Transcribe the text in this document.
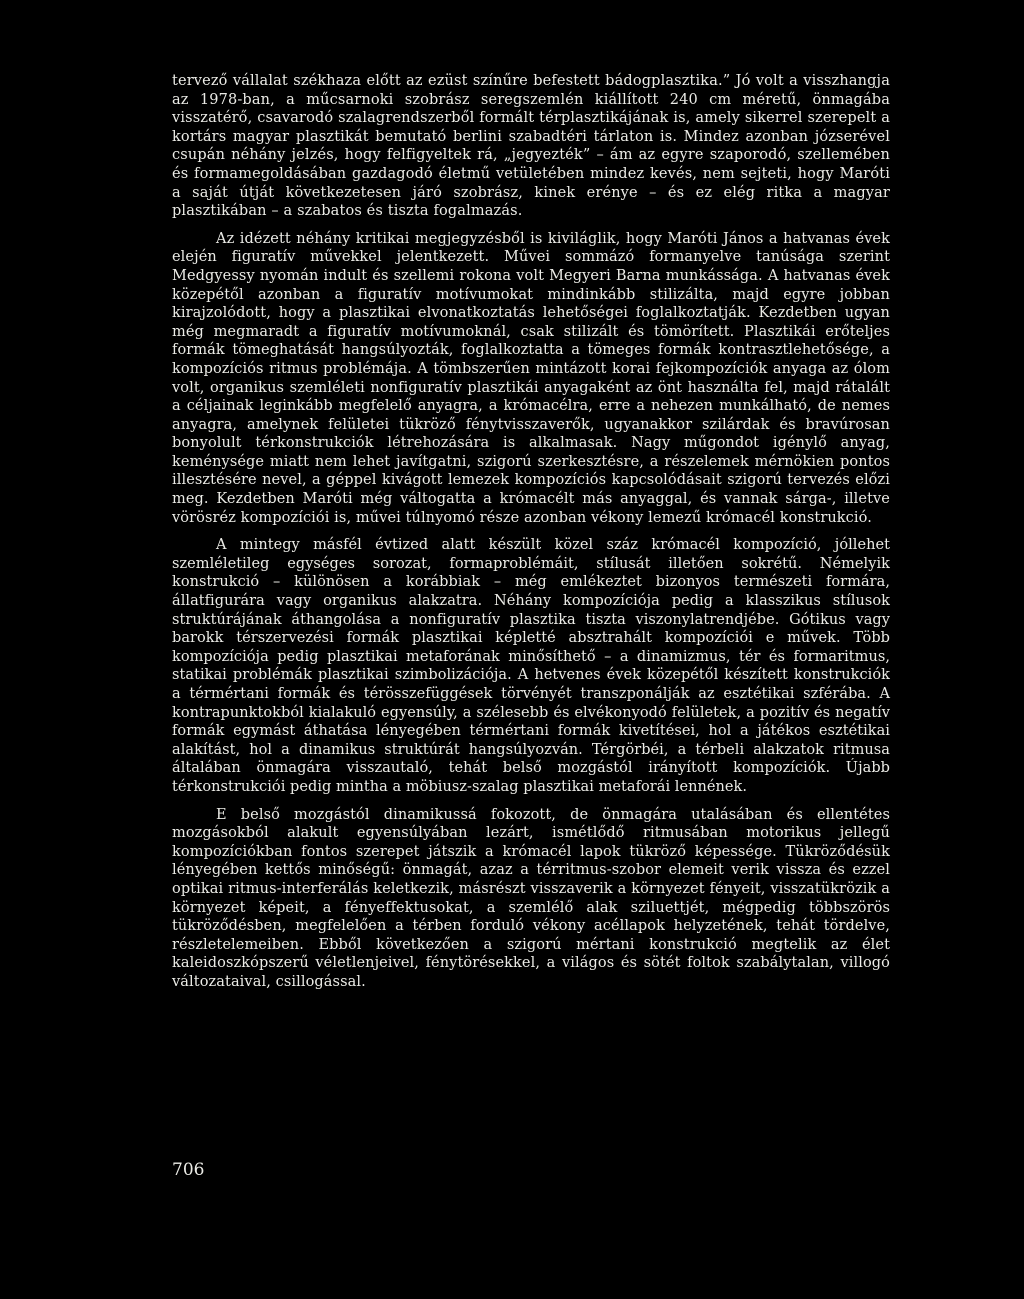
tervező vállalat székhaza előtt az ezüst színűre befestett bádogplasztika.” Jó volt a visszhangja az 1978-ban, a műcsarnoki szobrász seregszemlén kiállított 240 cm méretű, önmagába visszatérő, csavarodó szalagrendszerből formált térplasztikájának is, amely sikerrel szerepelt a kortárs magyar plasztikát bemutató berlini szabadtéri tárlaton is. Mindez azonban józserével csupán néhány jelzés, hogy felfigyeltek rá, „jegyezték” – ám az egyre szaporodó, szellemében és formamegoldásában gazdagodó életmű vetületében mindez kevés, nem sejteti, hogy Maróti a saját útját következetesen járó szobrász, kinek erénye – és ez elég ritka a magyar plasztikában – a szabatos és tiszta fogalmazás.

Az idézett néhány kritikai megjegyzésből is kiviláglik, hogy Maróti János a hatvanas évek elején figuratív művekkel jelentkezett. Művei sommázó formanyelve tanúsága szerint Medgyessy nyomán indult és szellemi rokona volt Megyeri Barna munkássága. A hatvanas évek közepétől azonban a figuratív motívumokat mindinkább stilizálta, majd egyre jobban kirajzolódott, hogy a plasztikai elvonatkoztatás lehetőségei foglalkoztatják. Kezdetben ugyan még megmaradt a figuratív motívumoknál, csak stilizált és tömörített. Plasztikái erőteljes formák tömeghatását hangsúlyozták, foglalkoztatta a tömeges formák kontrasztlehetősége, a kompozíciós ritmus problémája. A tömbszerűen mintázott korai fejkompozíciók anyaga az ólom volt, organikus szemléleti nonfiguratív plasztikái anyagaként az önt használta fel, majd rátalált a céljainak leginkább megfelelő anyagra, a krómacélra, erre a nehezen munkálható, de nemes anyagra, amelynek felületei tükröző fénytvisszaverők, ugyanakkor szilárdak és bravúrosan bonyolult térkonstrukciók létrehozására is alkalmasak. Nagy műgondot igénylő anyag, keménysége miatt nem lehet javítgatni, szigorú szerkesztésre, a részelemek mérnökien pontos illesztésére nevel, a géppel kivágott lemezek kompozíciós kapcsolódásait szigorú tervezés előzi meg. Kezdetben Maróti még váltogatta a krómacélt más anyaggal, és vannak sárga-, illetve vörösréz kompozíciói is, művei túlnyomó része azonban vékony lemezű krómacél konstrukció.

A mintegy másfél évtized alatt készült közel száz krómacél kompozíció, jóllehet szemléletileg egységes sorozat, formaproblémáit, stílusát illetően sokrétű. Némelyik konstrukció – különösen a korábbiak – még emlékeztet bizonyos természeti formára, állatfigurára vagy organikus alakzatra. Néhány kompozíciója pedig a klasszikus stílusok struktúrájának áthangolása a nonfiguratív plasztika tiszta viszonylatrendjébe. Gótikus vagy barokk térszervezési formák plasztikai képletté absztrahált kompozíciói e művek. Több kompozíciója pedig plasztikai metaforának minősíthető – a dinamizmus, tér és formaritmus, statikai problémák plasztikai szimbolizációja. A hetvenes évek közepétől készített konstrukciók a térmértani formák és térösszefüggések törvényét transzponálják az esztétikai szférába. A kontrapunktokból kialakuló egyensúly, a szélesebb és elvékonyodó felületek, a pozitív és negatív formák egymást áthatása lényegében térmértani formák kivetítései, hol a játékos esztétikai alakítást, hol a dinamikus struktúrát hangsúlyozván. Térgörbéi, a térbeli alakzatok ritmusa általában önmagára visszautaló, tehát belső mozgástól irányított kompozíciók. Újabb térkonstrukciói pedig mintha a möbiusz-szalag plasztikai metaforái lennének.

E belső mozgástól dinamikussá fokozott, de önmagára utalásában és ellentétes mozgásokból alakult egyensúlyában lezárt, ismétlődő ritmusában motorikus jellegű kompozíciókban fontos szerepet játszik a krómacél lapok tükröző képessége. Tükröződésük lényegében kettős minőségű: önmagát, azaz a térritmus-szobor elemeit verik vissza és ezzel optikai ritmus-interferálás keletkezik, másrészt visszaverik a környezet fényeit, visszatükrözik a környezet képeit, a fényeffektusokat, a szemlélő alak sziluettjét, mégpedig többszörös tükröződésben, megfelelően a térben forduló vékony acéllapok helyzetének, tehát tördelve, részletelemeiben. Ebből következően a szigorú mértani konstrukció megtelik az élet kaleidoszkópszerű véletlenjeivel, fénytörésekkel, a világos és sötét foltok szabálytalan, villogó változataival, csillogással.

706
